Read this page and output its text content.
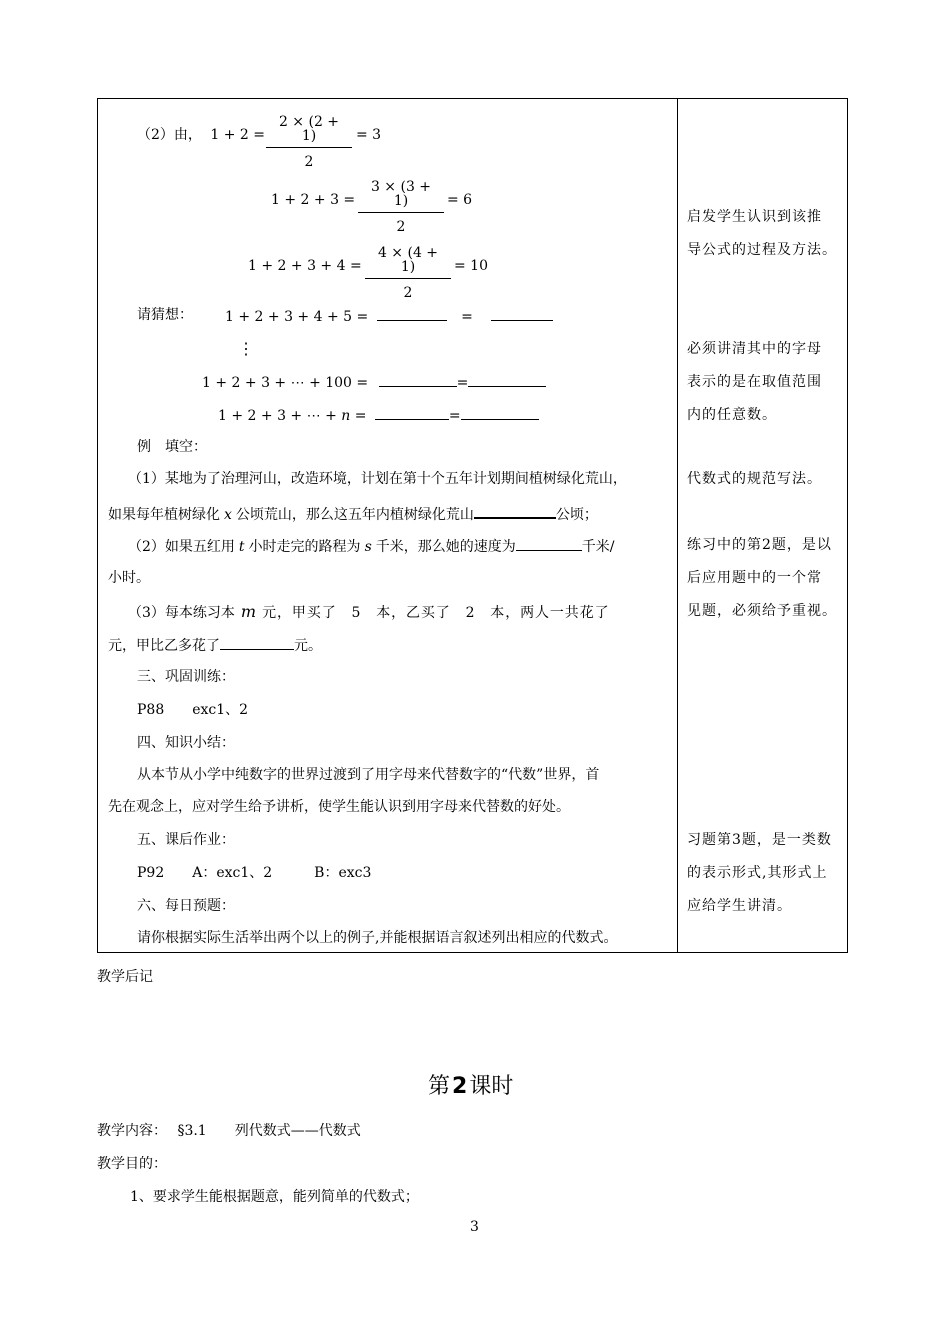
（2）由， $1 + 2 = \frac{2 \times (2 + 1)}{2} = 3$
$1 + 2 + 3 = \frac{3 \times (3 + 1)}{2} = 6$
$1 + 2 + 3 + 4 = \frac{4 \times (4 + 1)}{2} = 10$
请猜想： 1 + 2 + 3 + 4 + 5 =	=
⋮
1 + 2 + 3 + ⋯ + 100 =	=
1 + 2 + 3 + ⋯ + n =	=
例　填空：
（1）某地为了治理河山，改造环境，计划在第十个五年计划期间植树绿化荒山，
如果每年植树绿化 x 公顷荒山，那么这五年内植树绿化荒山	公顷；
（2）如果五红用 t 小时走完的路程为 s 千米，那么她的速度为	千米/
小时。
（3）每本练习本 m 元，甲买了　5　本，乙买了　2　本，两人一共花了
元，甲比乙多花了	元。
三、巩固训练：
P88　　exc1、2
四、知识小结：
从本节从小学中纯数字的世界过渡到了用字母来代替数字的“代数”世界，首
先在观念上，应对学生给予讲析，使学生能认识到用字母来代替数的好处。
五、课后作业：
P92　　A：exc1、2　　　B：exc3
六、每日预题：
请你根据实际生活举出两个以上的例子,并能根据语言叙述列出相应的代数式。
启发学生认识到该推
导公式的过程及方法。
必须讲清其中的字母
表示的是在取值范围
内的任意数。
代数式的规范写法。
练习中的第2题，是以
后应用题中的一个常
见题，必须给予重视。
习题第3题，是一类数
的表示形式,其形式上
应给学生讲清。
教学后记
第2课时
教学内容： §3.1　　列代数式——代数式
教学目的：
1、要求学生能根据题意，能列简单的代数式；
3
